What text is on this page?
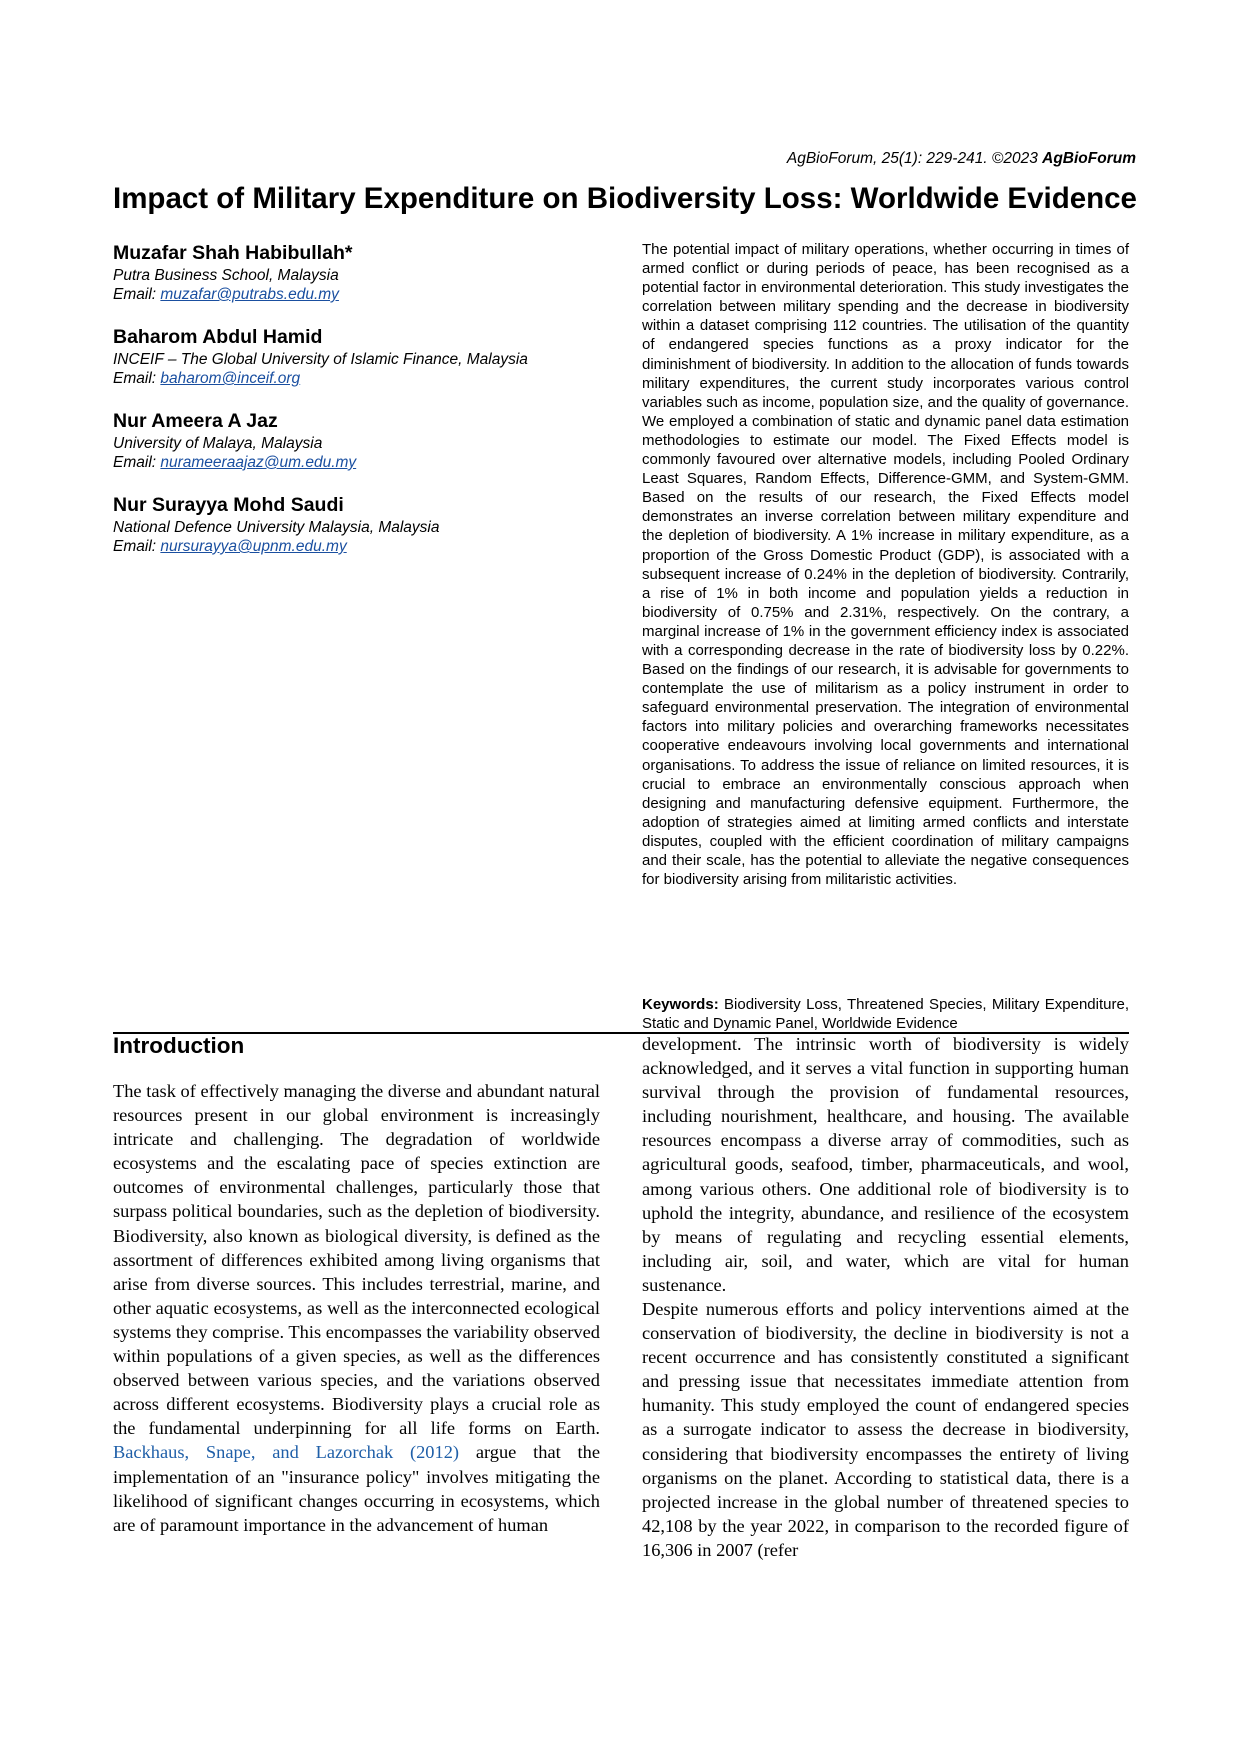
AgBioForum, 25(1): 229-241. ©2023 AgBioForum
Impact of Military Expenditure on Biodiversity Loss: Worldwide Evidence
Muzafar Shah Habibullah*
Putra Business School, Malaysia
Email: muzafar@putrabs.edu.my
Baharom Abdul Hamid
INCEIF – The Global University of Islamic Finance, Malaysia
Email: baharom@inceif.org
Nur Ameera A Jaz
University of Malaya, Malaysia
Email: nurameeraajaz@um.edu.my
Nur Surayya Mohd Saudi
National Defence University Malaysia, Malaysia
Email: nursurayya@upnm.edu.my

The potential impact of military operations, whether occurring in times of armed conflict or during periods of peace, has been recognised as a potential factor in environmental deterioration. This study investigates the correlation between military spending and the decrease in biodiversity within a dataset comprising 112 countries. The utilisation of the quantity of endangered species functions as a proxy indicator for the diminishment of biodiversity. In addition to the allocation of funds towards military expenditures, the current study incorporates various control variables such as income, population size, and the quality of governance. We employed a combination of static and dynamic panel data estimation methodologies to estimate our model. The Fixed Effects model is commonly favoured over alternative models, including Pooled Ordinary Least Squares, Random Effects, Difference-GMM, and System-GMM. Based on the results of our research, the Fixed Effects model demonstrates an inverse correlation between military expenditure and the depletion of biodiversity. A 1% increase in military expenditure, as a proportion of the Gross Domestic Product (GDP), is associated with a subsequent increase of 0.24% in the depletion of biodiversity. Contrarily, a rise of 1% in both income and population yields a reduction in biodiversity of 0.75% and 2.31%, respectively. On the contrary, a marginal increase of 1% in the government efficiency index is associated with a corresponding decrease in the rate of biodiversity loss by 0.22%. Based on the findings of our research, it is advisable for governments to contemplate the use of militarism as a policy instrument in order to safeguard environmental preservation. The integration of environmental factors into military policies and overarching frameworks necessitates cooperative endeavours involving local governments and international organisations. To address the issue of reliance on limited resources, it is crucial to embrace an environmentally conscious approach when designing and manufacturing defensive equipment. Furthermore, the adoption of strategies aimed at limiting armed conflicts and interstate disputes, coupled with the efficient coordination of military campaigns and their scale, has the potential to alleviate the negative consequences for biodiversity arising from militaristic activities.

Keywords: Biodiversity Loss, Threatened Species, Military Expenditure, Static and Dynamic Panel, Worldwide Evidence

Introduction

The task of effectively managing the diverse and abundant natural resources present in our global environment is increasingly intricate and challenging. The degradation of worldwide ecosystems and the escalating pace of species extinction are outcomes of environmental challenges, particularly those that surpass political boundaries, such as the depletion of biodiversity. Biodiversity, also known as biological diversity, is defined as the assortment of differences exhibited among living organisms that arise from diverse sources. This includes terrestrial, marine, and other aquatic ecosystems, as well as the interconnected ecological systems they comprise. This encompasses the variability observed within populations of a given species, as well as the differences observed between various species, and the variations observed across different ecosystems. Biodiversity plays a crucial role as the fundamental underpinning for all life forms on Earth. Backhaus, Snape, and Lazorchak (2012) argue that the implementation of an "insurance policy" involves mitigating the likelihood of significant changes occurring in ecosystems, which are of paramount importance in the advancement of human

development. The intrinsic worth of biodiversity is widely acknowledged, and it serves a vital function in supporting human survival through the provision of fundamental resources, including nourishment, healthcare, and housing. The available resources encompass a diverse array of commodities, such as agricultural goods, seafood, timber, pharmaceuticals, and wool, among various others. One additional role of biodiversity is to uphold the integrity, abundance, and resilience of the ecosystem by means of regulating and recycling essential elements, including air, soil, and water, which are vital for human sustenance.

Despite numerous efforts and policy interventions aimed at the conservation of biodiversity, the decline in biodiversity is not a recent occurrence and has consistently constituted a significant and pressing issue that necessitates immediate attention from humanity. This study employed the count of endangered species as a surrogate indicator to assess the decrease in biodiversity, considering that biodiversity encompasses the entirety of living organisms on the planet. According to statistical data, there is a projected increase in the global number of threatened species to 42,108 by the year 2022, in comparison to the recorded figure of 16,306 in 2007 (refer
